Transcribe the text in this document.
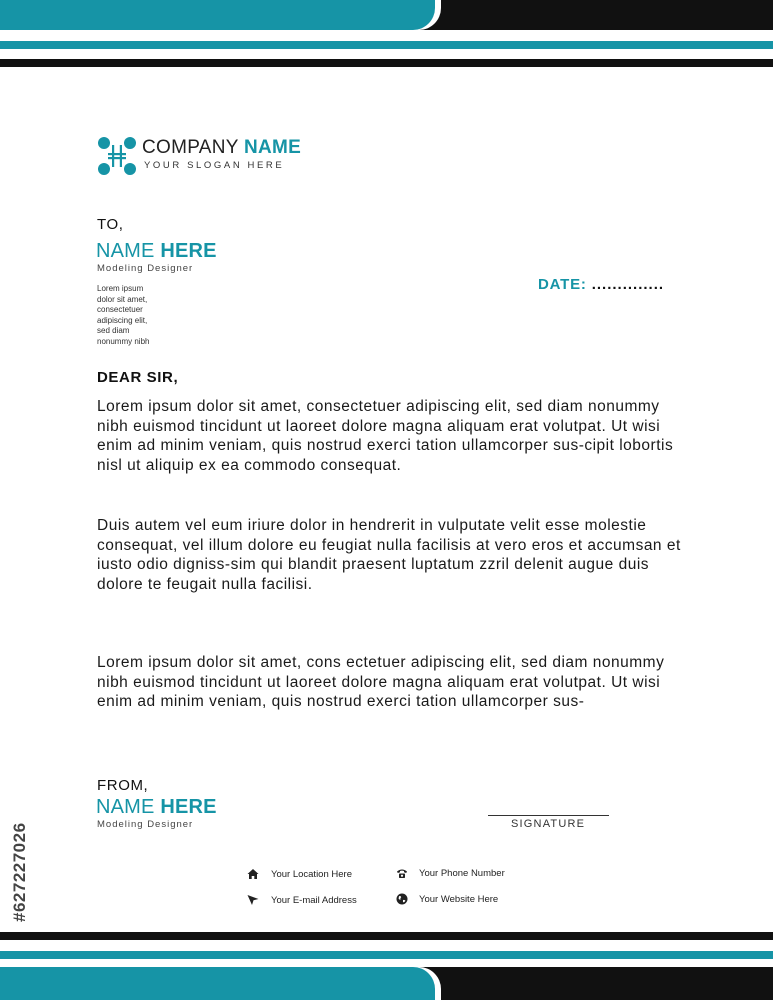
COMPANY NAME
YOUR SLOGAN HERE
TO,
NAME HERE
Modeling Designer
Lorem ipsum
dolor sit amet,
consectetuer
adipiscing elit,
sed diam
nonummy nibh
DATE: ..............
DEAR SIR,
Lorem ipsum dolor sit amet, consectetuer adipiscing elit, sed diam nonummy nibh euismod tincidunt ut laoreet dolore magna aliquam erat volutpat. Ut wisi enim ad minim veniam, quis nostrud exerci tation ullamcorper sus-cipit lobortis nisl ut aliquip ex ea commodo consequat.
Duis autem vel eum iriure dolor in hendrerit in vulputate velit esse molestie consequat, vel illum dolore eu feugiat nulla facilisis at vero eros et accumsan et iusto odio digniss-sim qui blandit praesent luptatum zzril delenit augue duis dolore te feugait nulla facilisi.
Lorem ipsum dolor sit amet, cons ectetuer adipiscing elit, sed diam nonummy nibh euismod tincidunt ut laoreet dolore magna aliquam erat volutpat. Ut wisi enim ad minim veniam, quis nostrud exerci tation ullamcorper sus-
FROM,
NAME HERE
Modeling Designer	SIGNATURE
Your Location Here	Your Phone Number
Your E-mail Address	Your Website Here
#627227026
